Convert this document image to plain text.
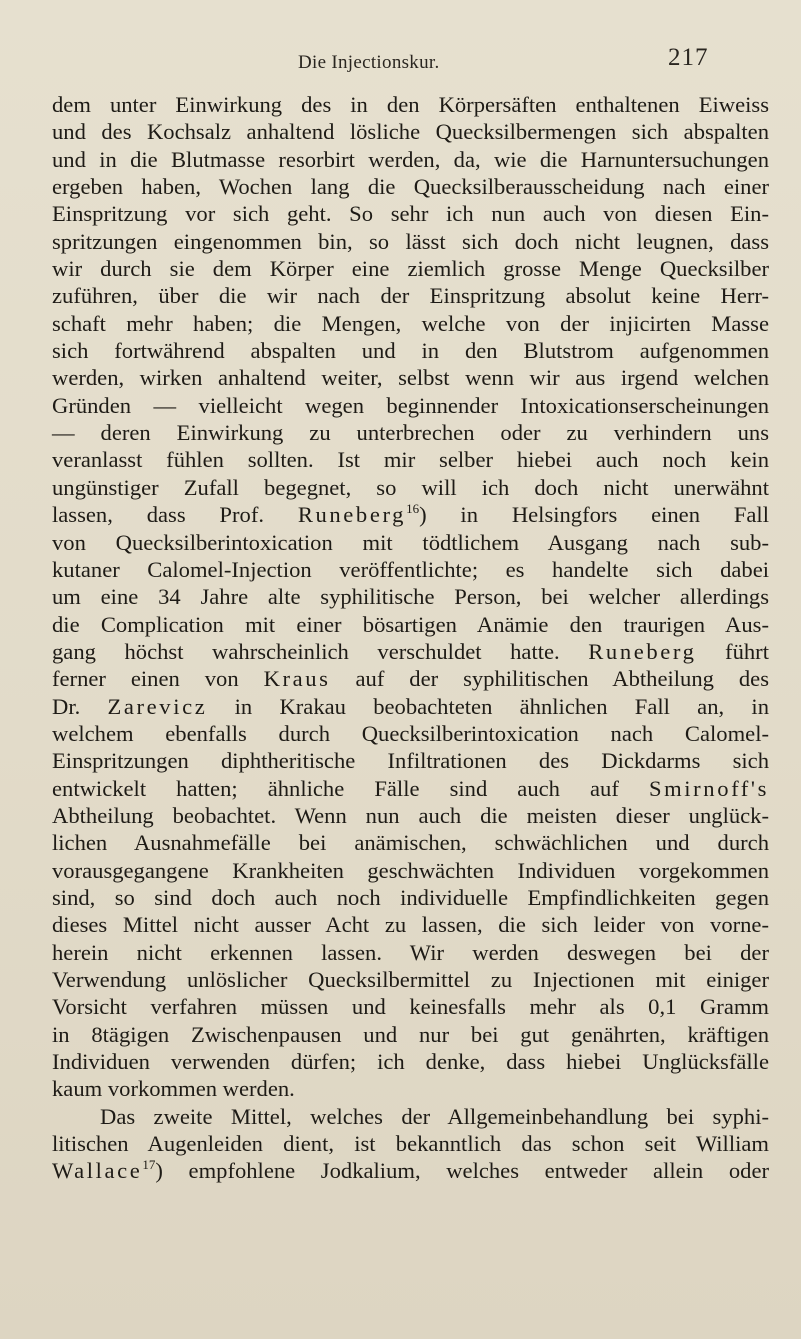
Die Injectionskur.	217
dem unter Einwirkung des in den Körpersäften enthaltenen Eiweiss
und des Kochsalz anhaltend lösliche Quecksilbermengen sich abspalten
und in die Blutmasse resorbirt werden, da, wie die Harnuntersuchungen
ergeben haben, Wochen lang die Quecksilberausscheidung nach einer
Einspritzung vor sich geht. So sehr ich nun auch von diesen Ein-
spritzungen eingenommen bin, so lässt sich doch nicht leugnen, dass
wir durch sie dem Körper eine ziemlich grosse Menge Quecksilber
zuführen, über die wir nach der Einspritzung absolut keine Herr-
schaft mehr haben; die Mengen, welche von der injicirten Masse
sich fortwährend abspalten und in den Blutstrom aufgenommen
werden, wirken anhaltend weiter, selbst wenn wir aus irgend welchen
Gründen — vielleicht wegen beginnender Intoxicationserscheinungen
— deren Einwirkung zu unterbrechen oder zu verhindern uns
veranlasst fühlen sollten. Ist mir selber hiebei auch noch kein
ungünstiger Zufall begegnet, so will ich doch nicht unerwähnt
lassen, dass Prof. Runeberg$^{16}$) in Helsingfors einen Fall
von Quecksilberintoxication mit tödtlichem Ausgang nach sub-
kutaner Calomel-Injection veröffentlichte; es handelte sich dabei
um eine 34 Jahre alte syphilitische Person, bei welcher allerdings
die Complication mit einer bösartigen Anämie den traurigen Aus-
gang höchst wahrscheinlich verschuldet hatte. Runeberg führt
ferner einen von Kraus auf der syphilitischen Abtheilung des
Dr. Zarevicz in Krakau beobachteten ähnlichen Fall an, in
welchem ebenfalls durch Quecksilberintoxication nach Calomel-
Einspritzungen diphtheritische Infiltrationen des Dickdarms sich
entwickelt hatten; ähnliche Fälle sind auch auf Smirnoff's
Abtheilung beobachtet. Wenn nun auch die meisten dieser unglück-
lichen Ausnahmefälle bei anämischen, schwächlichen und durch
vorausgegangene Krankheiten geschwächten Individuen vorgekommen
sind, so sind doch auch noch individuelle Empfindlichkeiten gegen
dieses Mittel nicht ausser Acht zu lassen, die sich leider von vorne-
herein nicht erkennen lassen. Wir werden deswegen bei der
Verwendung unlöslicher Quecksilbermittel zu Injectionen mit einiger
Vorsicht verfahren müssen und keinesfalls mehr als 0,1 Gramm
in 8tägigen Zwischenpausen und nur bei gut genährten, kräftigen
Individuen verwenden dürfen; ich denke, dass hiebei Unglücksfälle
kaum vorkommen werden.
Das zweite Mittel, welches der Allgemeinbehandlung bei syphi-
litischen Augenleiden dient, ist bekanntlich das schon seit William
Wallace$^{17}$) empfohlene Jodkalium, welches entweder allein oder
